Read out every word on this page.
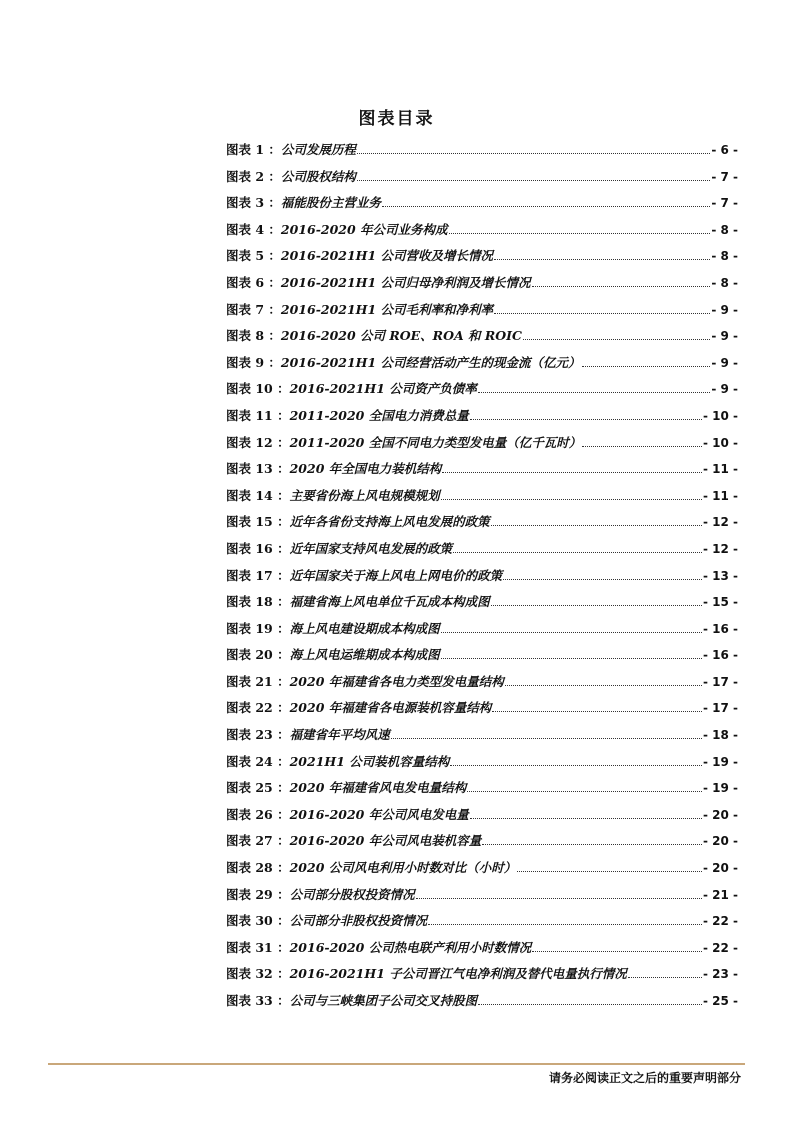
图表目录
图表 1 ： 公司发展历程	- 6 -
图表 2 ： 公司股权结构	- 7 -
图表 3 ： 福能股份主营业务	- 7 -
图表 4 ： 2016-2020 年公司业务构成	- 8 -
图表 5 ： 2016-2021H1 公司营收及增长情况	- 8 -
图表 6 ： 2016-2021H1 公司归母净利润及增长情况	- 8 -
图表 7 ： 2016-2021H1 公司毛利率和净利率	- 9 -
图表 8 ： 2016-2020 公司 ROE、ROA 和 ROIC	- 9 -
图表 9 ： 2016-2021H1 公司经营活动产生的现金流（亿元）	- 9 -
图表 10 ： 2016-2021H1 公司资产负债率	- 9 -
图表 11 ： 2011-2020 全国电力消费总量	- 10 -
图表 12 ： 2011-2020 全国不同电力类型发电量（亿千瓦时）	- 10 -
图表 13 ： 2020 年全国电力装机结构	- 11 -
图表 14 ： 主要省份海上风电规模规划	- 11 -
图表 15 ： 近年各省份支持海上风电发展的政策	- 12 -
图表 16 ： 近年国家支持风电发展的政策	- 12 -
图表 17 ： 近年国家关于海上风电上网电价的政策	- 13 -
图表 18 ： 福建省海上风电单位千瓦成本构成图	- 15 -
图表 19 ： 海上风电建设期成本构成图	- 16 -
图表 20 ： 海上风电运维期成本构成图	- 16 -
图表 21 ： 2020 年福建省各电力类型发电量结构	- 17 -
图表 22 ： 2020 年福建省各电源装机容量结构	- 17 -
图表 23 ： 福建省年平均风速	- 18 -
图表 24 ： 2021H1 公司装机容量结构	- 19 -
图表 25 ： 2020 年福建省风电发电量结构	- 19 -
图表 26 ： 2016-2020 年公司风电发电量	- 20 -
图表 27 ： 2016-2020 年公司风电装机容量	- 20 -
图表 28 ： 2020 公司风电利用小时数对比（小时）	- 20 -
图表 29 ： 公司部分股权投资情况	- 21 -
图表 30 ： 公司部分非股权投资情况	- 22 -
图表 31 ： 2016-2020 公司热电联产利用小时数情况	- 22 -
图表 32 ： 2016-2021H1 子公司晋江气电净利润及替代电量执行情况	- 23 -
图表 33 ： 公司与三峡集团子公司交叉持股图	- 25 -
请务必阅读正文之后的重要声明部分
